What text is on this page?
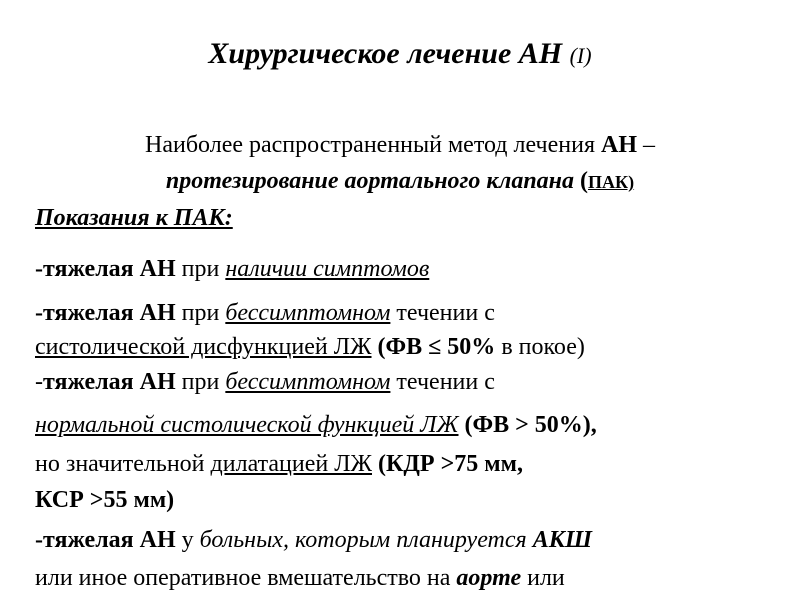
Хирургическое лечение АН (I)
Наиболее распространенный метод лечения АН –
протезирование аортального клапана (ПАК)
Показания к ПАК:
-тяжелая АН при наличии симптомов
-тяжелая АН при бессимптомном течении с
систолической дисфункцией ЛЖ (ФВ ≤ 50% в покое)
-тяжелая АН при бессимптомном течении с
нормальной систолической функцией ЛЖ (ФВ > 50%),
но значительной дилатацией ЛЖ (КДР >75 мм,
КСР >55 мм)
-тяжелая АН у больных, которым планируется АКШ
или иное оперативное вмешательство на аорте или
